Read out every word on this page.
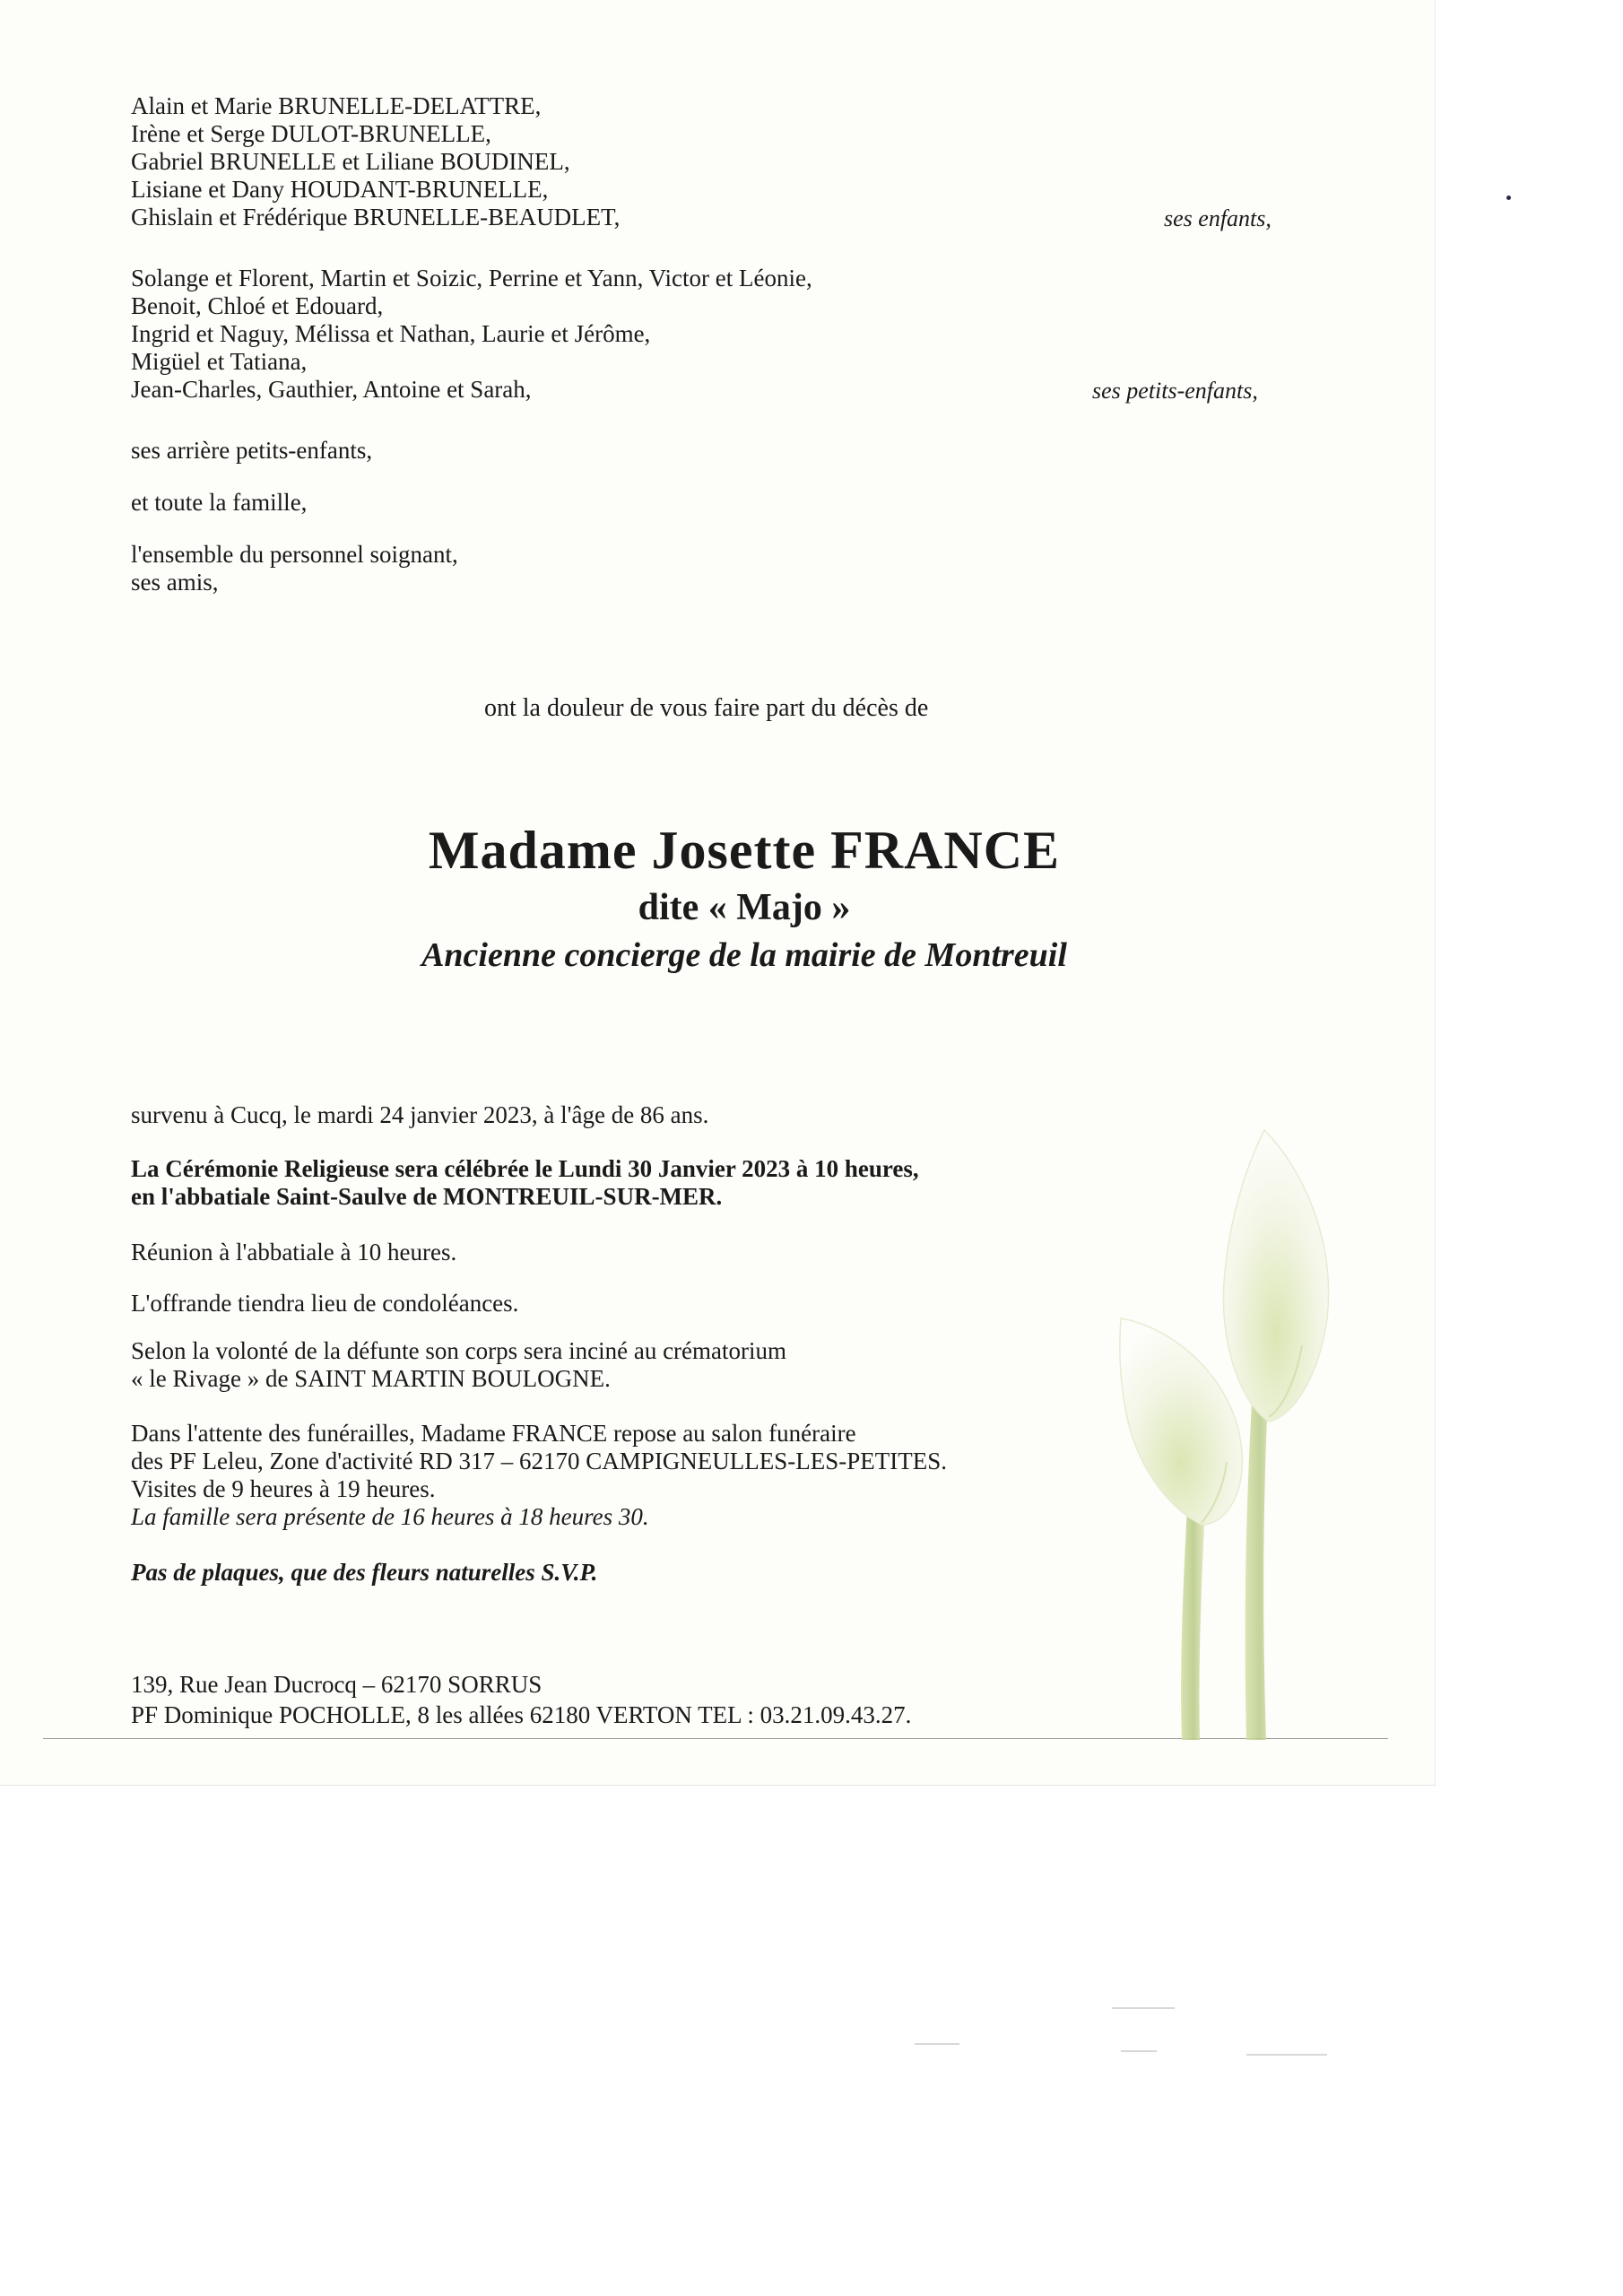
Alain et Marie BRUNELLE-DELATTRE,
Irène et Serge DULOT-BRUNELLE,
Gabriel BRUNELLE et Liliane BOUDINEL,
Lisiane et Dany HOUDANT-BRUNELLE,
Ghislain et Frédérique BRUNELLE-BEAUDLET,	ses enfants,
Solange et Florent, Martin et Soizic, Perrine et Yann, Victor et Léonie,
Benoit, Chloé et Edouard,
Ingrid et Naguy, Mélissa et Nathan, Laurie et Jérôme,
Migüel et Tatiana,
Jean-Charles, Gauthier, Antoine et Sarah,	ses petits-enfants,
ses arrière petits-enfants,
et toute la famille,
l'ensemble du personnel soignant,
ses amis,
ont la douleur de vous faire part du décès de
Madame Josette FRANCE
dite « Majo »
Ancienne concierge de la mairie de Montreuil
survenu à Cucq, le mardi 24 janvier 2023, à l'âge de 86 ans.
La Cérémonie Religieuse sera célébrée le Lundi 30 Janvier 2023 à 10 heures,
en l'abbatiale Saint-Saulve de MONTREUIL-SUR-MER.
Réunion à l'abbatiale à 10 heures.
L'offrande tiendra lieu de condoléances.
Selon la volonté de la défunte son corps sera inciné au crématorium
« le Rivage » de SAINT MARTIN BOULOGNE.
Dans l'attente des funérailles, Madame FRANCE repose au salon funéraire
des PF Leleu, Zone d'activité RD 317 – 62170 CAMPIGNEULLES-LES-PETITES.
Visites de 9 heures à 19 heures.
La famille sera présente de 16 heures à 18 heures 30.
Pas de plaques, que des fleurs naturelles S.V.P.
139, Rue Jean Ducrocq – 62170 SORRUS
PF Dominique POCHOLLE, 8 les allées 62180 VERTON TEL : 03.21.09.43.27.
